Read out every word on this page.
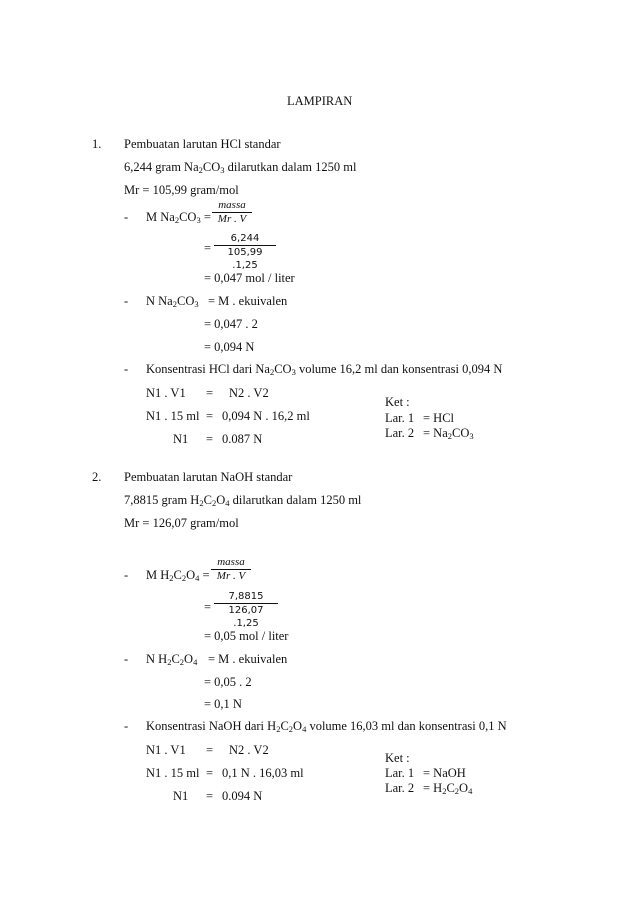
LAMPIRAN
1. Pembuatan larutan HCl standar
6,244 gram $Na_2CO_3$ dilarutkan dalam 1250 ml
Mr = 105,99 gram/mol
- M $Na_2CO_3$ =
massa
Mr . V
= $\frac{6,244}{105,99 .1,25}$
= 0,047 mol / liter
- N $Na_2CO_3 = M$ . ekuivalen
= 0,047 . 2
= 0,094 N
- Konsentrasi HCl dari $Na_2CO_3$ volume 16,2 ml dan konsentrasi 0,094 N
N1 . V1 = N2 . V2
N1 . 15 ml = 0,094 N . 16,2 ml
N1 = 0.087 N
Ket :
Lar. 1 = HCl
Lar. $2 = Na_2CO_3$
2. Pembuatan larutan NaOH standar
7,8815 gram $H_2C_2O_4$ dilarutkan dalam 1250 ml
Mr = 126,07 gram/mol
- M $H_2C_2O_4$ =
massa
Mr . V
= $\frac{7,8815}{126,07 .1,25}$
= 0,05 mol / liter
- N $H_2C_2O_4 = M$ . ekuivalen
= 0,05 . 2
= 0,1 N
- Konsentrasi NaOH dari $H_2C_2O_4$ volume 16,03 ml dan konsentrasi 0,1 N
N1 . V1 = N2 . V2
N1 . 15 ml = 0,1 N . 16,03 ml
N1 = 0.094 N
Ket :
Lar. 1 = NaOH
Lar. $2 = H_2C_2O_4$
